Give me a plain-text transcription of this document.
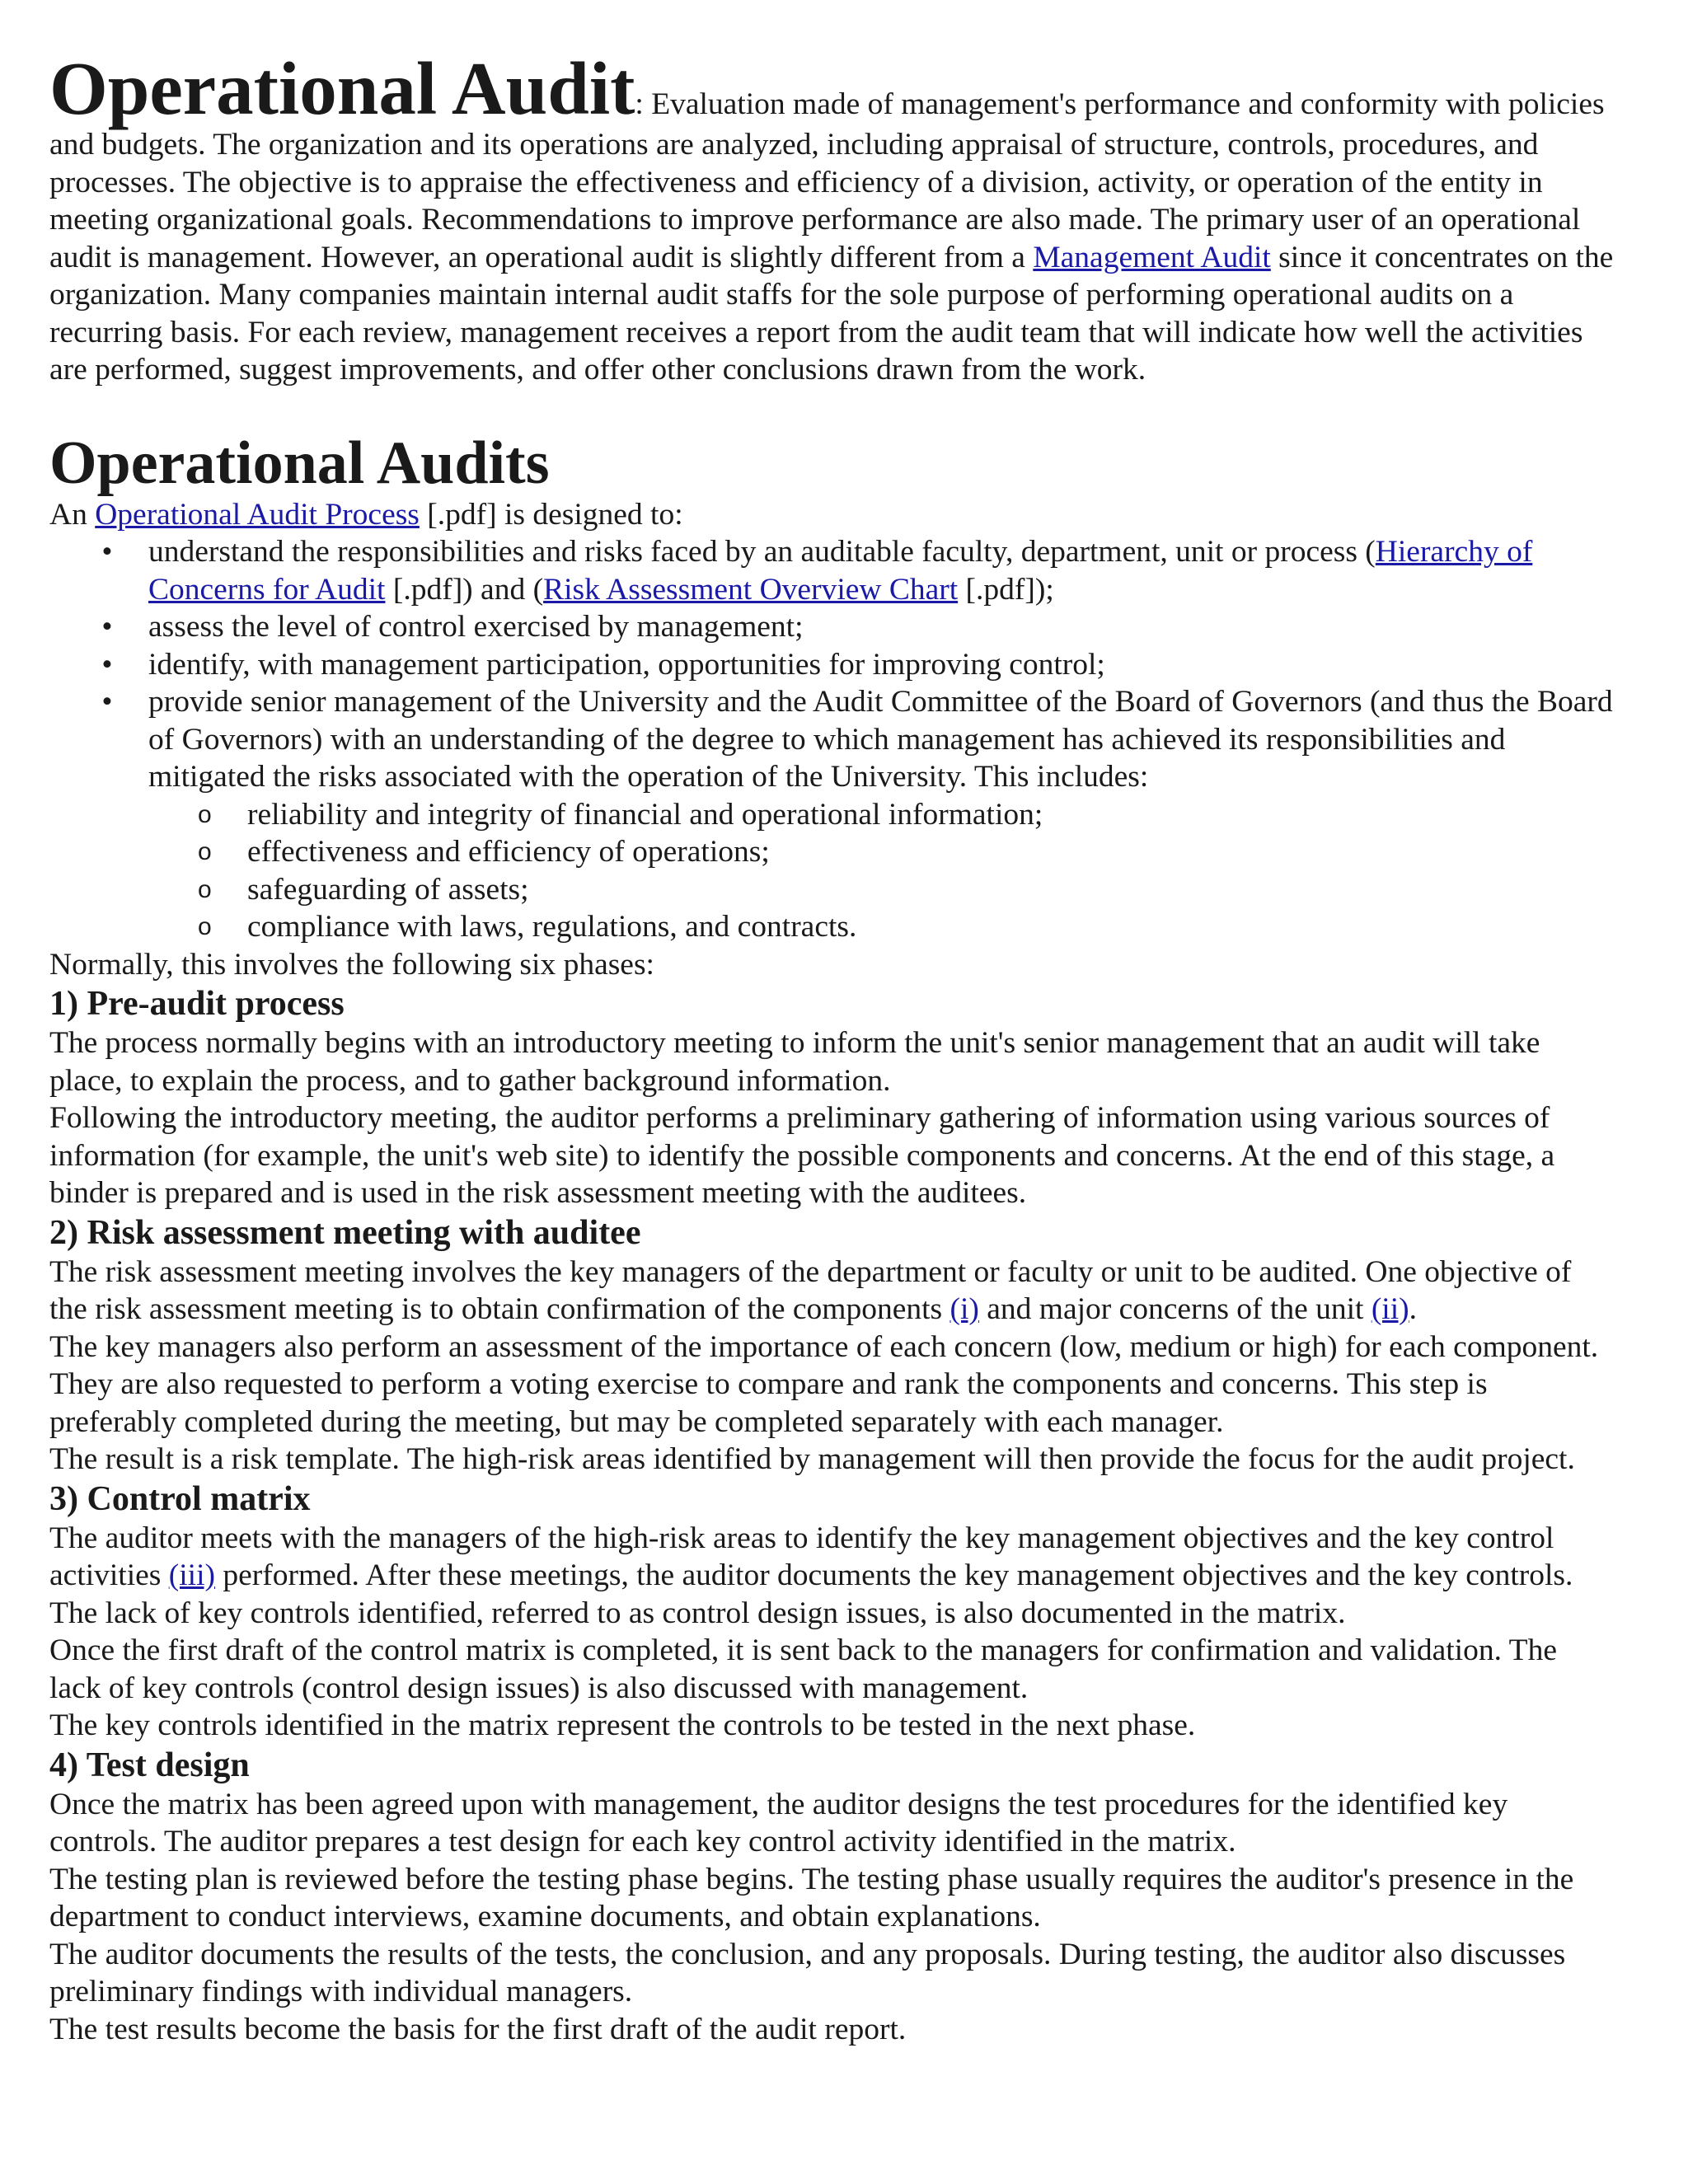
Operational Audit: Evaluation made of management's performance and conformity with policies and budgets. The organization and its operations are analyzed, including appraisal of structure, controls, procedures, and processes. The objective is to appraise the effectiveness and efficiency of a division, activity, or operation of the entity in meeting organizational goals. Recommendations to improve performance are also made. The primary user of an operational audit is management. However, an operational audit is slightly different from a Management Audit since it concentrates on the organization. Many companies maintain internal audit staffs for the sole purpose of performing operational audits on a recurring basis. For each review, management receives a report from the audit team that will indicate how well the activities are performed, suggest improvements, and offer other conclusions drawn from the work.

Operational Audits

An Operational Audit Process [.pdf] is designed to:

• understand the responsibilities and risks faced by an auditable faculty, department, unit or process (Hierarchy of Concerns for Audit [.pdf]) and (Risk Assessment Overview Chart [.pdf]);
• assess the level of control exercised by management;
• identify, with management participation, opportunities for improving control;
• provide senior management of the University and the Audit Committee of the Board of Governors (and thus the Board of Governors) with an understanding of the degree to which management has achieved its responsibilities and mitigated the risks associated with the operation of the University. This includes:
o reliability and integrity of financial and operational information;
o effectiveness and efficiency of operations;
o safeguarding of assets;
o compliance with laws, regulations, and contracts.

Normally, this involves the following six phases:

1) Pre-audit process

The process normally begins with an introductory meeting to inform the unit's senior management that an audit will take place, to explain the process, and to gather background information.

Following the introductory meeting, the auditor performs a preliminary gathering of information using various sources of information (for example, the unit's web site) to identify the possible components and concerns. At the end of this stage, a binder is prepared and is used in the risk assessment meeting with the auditees.

2) Risk assessment meeting with auditee

The risk assessment meeting involves the key managers of the department or faculty or unit to be audited. One objective of the risk assessment meeting is to obtain confirmation of the components (i) and major concerns of the unit (ii).

The key managers also perform an assessment of the importance of each concern (low, medium or high) for each component. They are also requested to perform a voting exercise to compare and rank the components and concerns. This step is preferably completed during the meeting, but may be completed separately with each manager.

The result is a risk template. The high-risk areas identified by management will then provide the focus for the audit project.

3) Control matrix

The auditor meets with the managers of the high-risk areas to identify the key management objectives and the key control activities (iii) performed. After these meetings, the auditor documents the key management objectives and the key controls.

The lack of key controls identified, referred to as control design issues, is also documented in the matrix.

Once the first draft of the control matrix is completed, it is sent back to the managers for confirmation and validation. The lack of key controls (control design issues) is also discussed with management.

The key controls identified in the matrix represent the controls to be tested in the next phase.

4) Test design

Once the matrix has been agreed upon with management, the auditor designs the test procedures for the identified key controls. The auditor prepares a test design for each key control activity identified in the matrix.

The testing plan is reviewed before the testing phase begins. The testing phase usually requires the auditor's presence in the department to conduct interviews, examine documents, and obtain explanations.

The auditor documents the results of the tests, the conclusion, and any proposals. During testing, the auditor also discusses preliminary findings with individual managers.

The test results become the basis for the first draft of the audit report.
